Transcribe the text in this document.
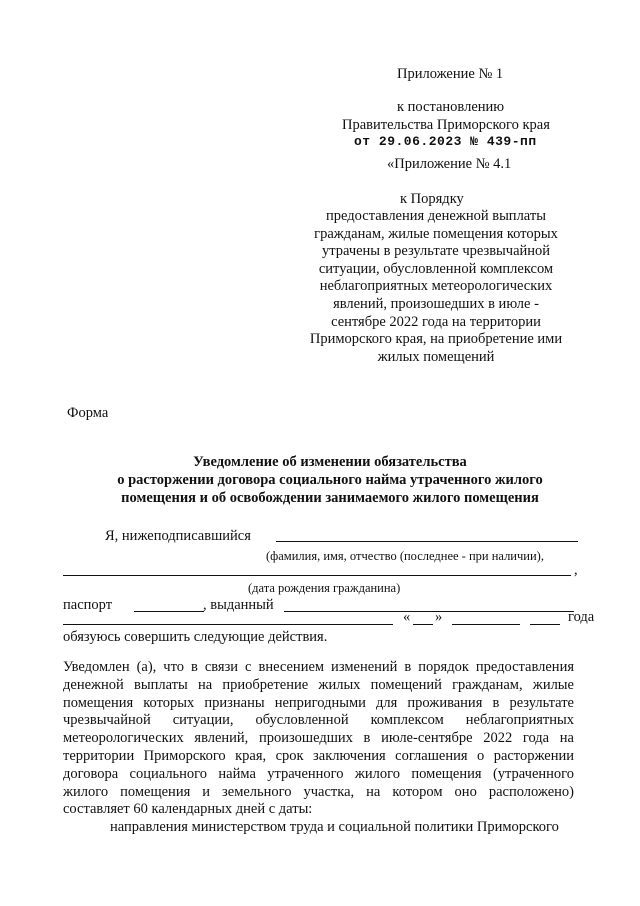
Приложение № 1
к постановлению
Правительства Приморского края
от 29.06.2023 № 439-пп
«Приложение № 4.1
к Порядку
предоставления денежной выплаты
гражданам, жилые помещения которых
утрачены в результате чрезвычайной
ситуации, обусловленной комплексом
неблагоприятных метеорологических
явлений, произошедших в июле -
сентябре 2022 года на территории
Приморского края, на приобретение ими
жилых помещений
Форма
Уведомление об изменении обязательства
о расторжении договора социального найма утраченного жилого
помещения и об освобождении занимаемого жилого помещения
Я, нижеподписавшийся
(фамилия, имя, отчество (последнее - при наличии),
,
(дата рождения гражданина)
паспорт	, выданный
« »	года
обязуюсь совершить следующие действия.
Уведомлен (а), что в связи с внесением изменений в порядок предоставления
денежной выплаты на приобретение жилых помещений гражданам, жилые
помещения которых признаны непригодными для проживания в результате
чрезвычайной ситуации, обусловленной комплексом неблагоприятных
метеорологических явлений, произошедших в июле-сентябре 2022 года на
территории Приморского края, срок заключения соглашения о расторжении
договора социального найма утраченного жилого помещения (утраченного
жилого помещения и земельного участка, на котором оно расположено)
составляет 60 календарных дней с даты:
направления министерством труда и социальной политики Приморского
